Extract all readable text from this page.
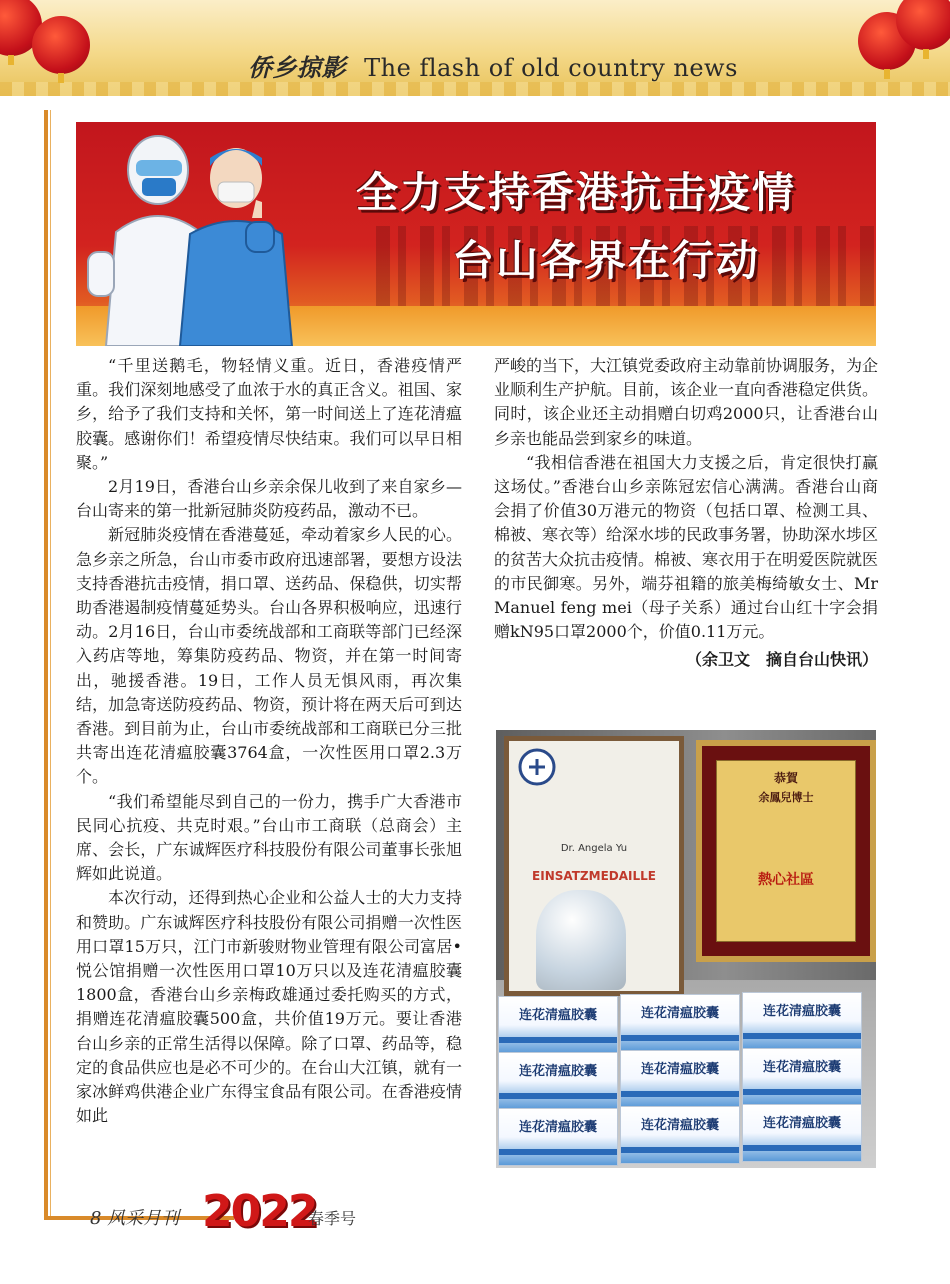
侨乡掠影 The flash of old country news
全力支持香港抗击疫情
台山各界在行动

“千里送鹅毛，物轻情义重。近日，香港疫情严重。我们深刻地感受了血浓于水的真正含义。祖国、家乡，给予了我们支持和关怀，第一时间送上了连花清瘟胶囊。感谢你们！希望疫情尽快结束。我们可以早日相聚。”

2月19日，香港台山乡亲余保儿收到了来自家乡—台山寄来的第一批新冠肺炎防疫药品，激动不已。

新冠肺炎疫情在香港蔓延，牵动着家乡人民的心。急乡亲之所急，台山市委市政府迅速部署，要想方设法支持香港抗击疫情，捐口罩、送药品、保稳供，切实帮助香港遏制疫情蔓延势头。台山各界积极响应，迅速行动。2月16日，台山市委统战部和工商联等部门已经深入药店等地，筹集防疫药品、物资，并在第一时间寄出，驰援香港。19日，工作人员无惧风雨，再次集结，加急寄送防疫药品、物资，预计将在两天后可到达香港。到目前为止，台山市委统战部和工商联已分三批共寄出连花清瘟胶囊3764盒，一次性医用口罩2.3万个。

“我们希望能尽到自己的一份力，携手广大香港市民同心抗疫、共克时艰。”台山市工商联（总商会）主席、会长，广东诚辉医疗科技股份有限公司董事长张旭辉如此说道。

本次行动，还得到热心企业和公益人士的大力支持和赞助。广东诚辉医疗科技股份有限公司捐赠一次性医用口罩15万只，江门市新骏财物业管理有限公司富居•悦公馆捐赠一次性医用口罩10万只以及连花清瘟胶囊1800盒，香港台山乡亲梅政雄通过委托购买的方式，捐赠连花清瘟胶囊500盒，共价值19万元。要让香港台山乡亲的正常生活得以保障。除了口罩、药品等，稳定的食品供应也是必不可少的。在台山大江镇，就有一家冰鲜鸡供港企业广东得宝食品有限公司。在香港疫情如此

严峻的当下，大江镇党委政府主动靠前协调服务，为企业顺利生产护航。目前，该企业一直向香港稳定供货。同时，该企业还主动捐赠白切鸡2000只，让香港台山乡亲也能品尝到家乡的味道。

“我相信香港在祖国大力支援之后，肯定很快打赢这场仗。”香港台山乡亲陈冠宏信心满满。香港台山商会捐了价值30万港元的物资（包括口罩、检测工具、棉被、寒衣等）给深水埗的民政事务署，协助深水埗区的贫苦大众抗击疫情。棉被、寒衣用于在明爱医院就医的市民御寒。另外，端芬祖籍的旅美梅绮敏女士、Mr Manuel feng mei（母子关系）通过台山红十字会捐赠kN95口罩2000个，价值0.11万元。

（余卫文　摘自台山快讯）

Dr. Angela Yu
EINSATZMEDAILLE
恭賀
余鳳兒博士
熱心社區
连花清瘟胶囊	连花清瘟胶囊	连花清瘟胶囊
连花清瘟胶囊	连花清瘟胶囊	连花清瘟胶囊
连花清瘟胶囊	连花清瘟胶囊	连花清瘟胶囊
8 风采月刊 2022
春季号
